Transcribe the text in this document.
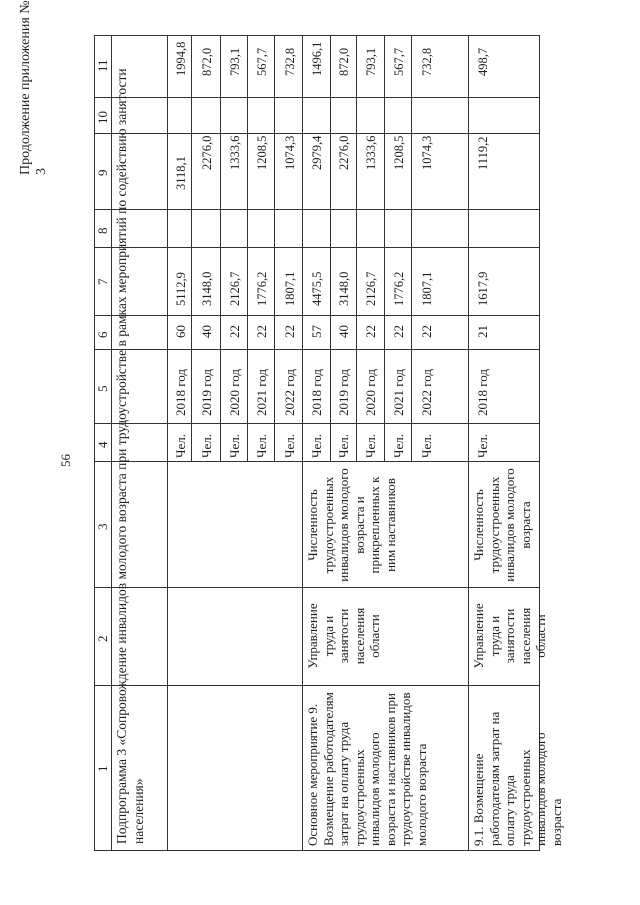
Продолжение приложения № 3
56
1
2
3
4
5
6
7
8
9
10
11
Подпрограмма 3 «Сопровождение инвалидов молодого возраста при трудоустройстве в рамках мероприятий по содействию занятости населения»
Чел.
2018 год
60
5112,9
3118,1
1994,8
Чел.
2019 год
40
3148,0
2276,0
872,0
Чел.
2020 год
22
2126,7
1333,6
793,1
Чел.
2021 год
22
1776,2
1208,5
567,7
Чел.
2022 год
22
1807,1
1074,3
732,8
Основное мероприятие 9. Возмещение работодателям затрат на оплату труда трудоустроенных инвалидов молодого возраста и наставников при трудоустройстве инвалидов молодого возраста
Управление труда и занятости населения области
Численность трудоустроенных инвалидов молодого возраста и прикрепленных к ним наставников
Чел.
2018 год
57
4475,5
2979,4
1496,1
Чел.
2019 год
40
3148,0
2276,0
872,0
Чел.
2020 год
22
2126,7
1333,6
793,1
Чел.
2021 год
22
1776,2
1208,5
567,7
Чел.
2022 год
22
1807,1
1074,3
732,8
9.1. Возмещение работодателям затрат на оплату труда трудоустроенных инвалидов молодого возраста
Управление труда и занятости населения области
Численность трудоустроенных инвалидов молодого возраста
Чел.
2018 год
21
1617,9
1119,2
498,7
